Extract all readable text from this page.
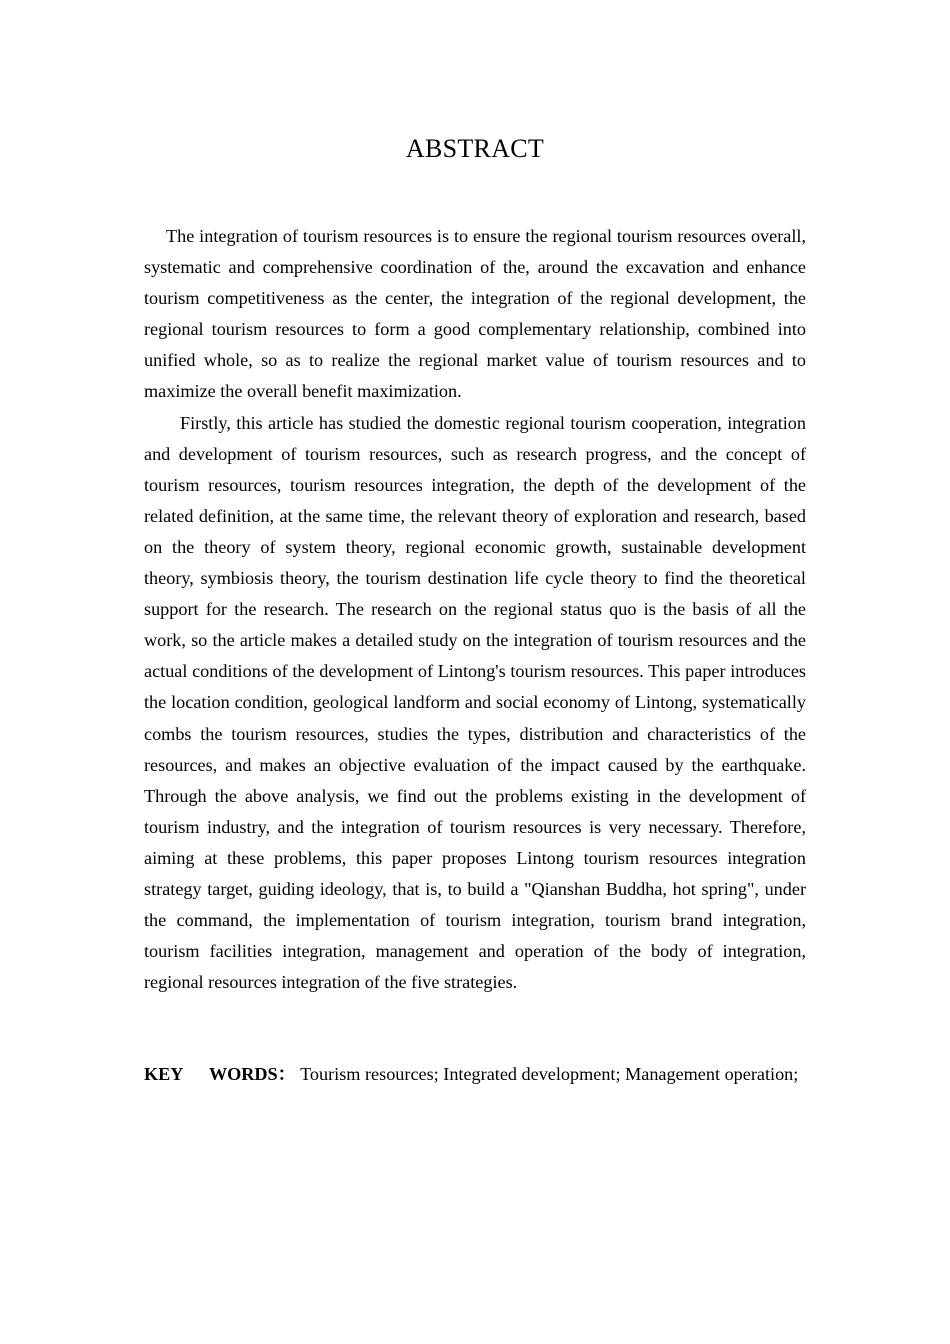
ABSTRACT

The integration of tourism resources is to ensure the regional tourism resources overall, systematic and comprehensive coordination of the, around the excavation and enhance tourism competitiveness as the center, the integration of the regional development, the regional tourism resources to form a good complementary relationship, combined into unified whole, so as to realize the regional market value of tourism resources and to maximize the overall benefit maximization.

Firstly, this article has studied the domestic regional tourism cooperation, integration and development of tourism resources, such as research progress, and the concept of tourism resources, tourism resources integration, the depth of the development of the related definition, at the same time, the relevant theory of exploration and research, based on the theory of system theory, regional economic growth, sustainable development theory, symbiosis theory, the tourism destination life cycle theory to find the theoretical support for the research. The research on the regional status quo is the basis of all the work, so the article makes a detailed study on the integration of tourism resources and the actual conditions of the development of Lintong's tourism resources. This paper introduces the location condition, geological landform and social economy of Lintong, systematically combs the tourism resources, studies the types, distribution and characteristics of the resources, and makes an objective evaluation of the impact caused by the earthquake. Through the above analysis, we find out the problems existing in the development of tourism industry, and the integration of tourism resources is very necessary. Therefore, aiming at these problems, this paper proposes Lintong tourism resources integration strategy target, guiding ideology, that is, to build a "Qianshan Buddha, hot spring", under the command, the implementation of tourism integration, tourism brand integration, tourism facilities integration, management and operation of the body of integration, regional resources integration of the five strategies.

KEY WORDS： Tourism resources; Integrated development; Management operation;
